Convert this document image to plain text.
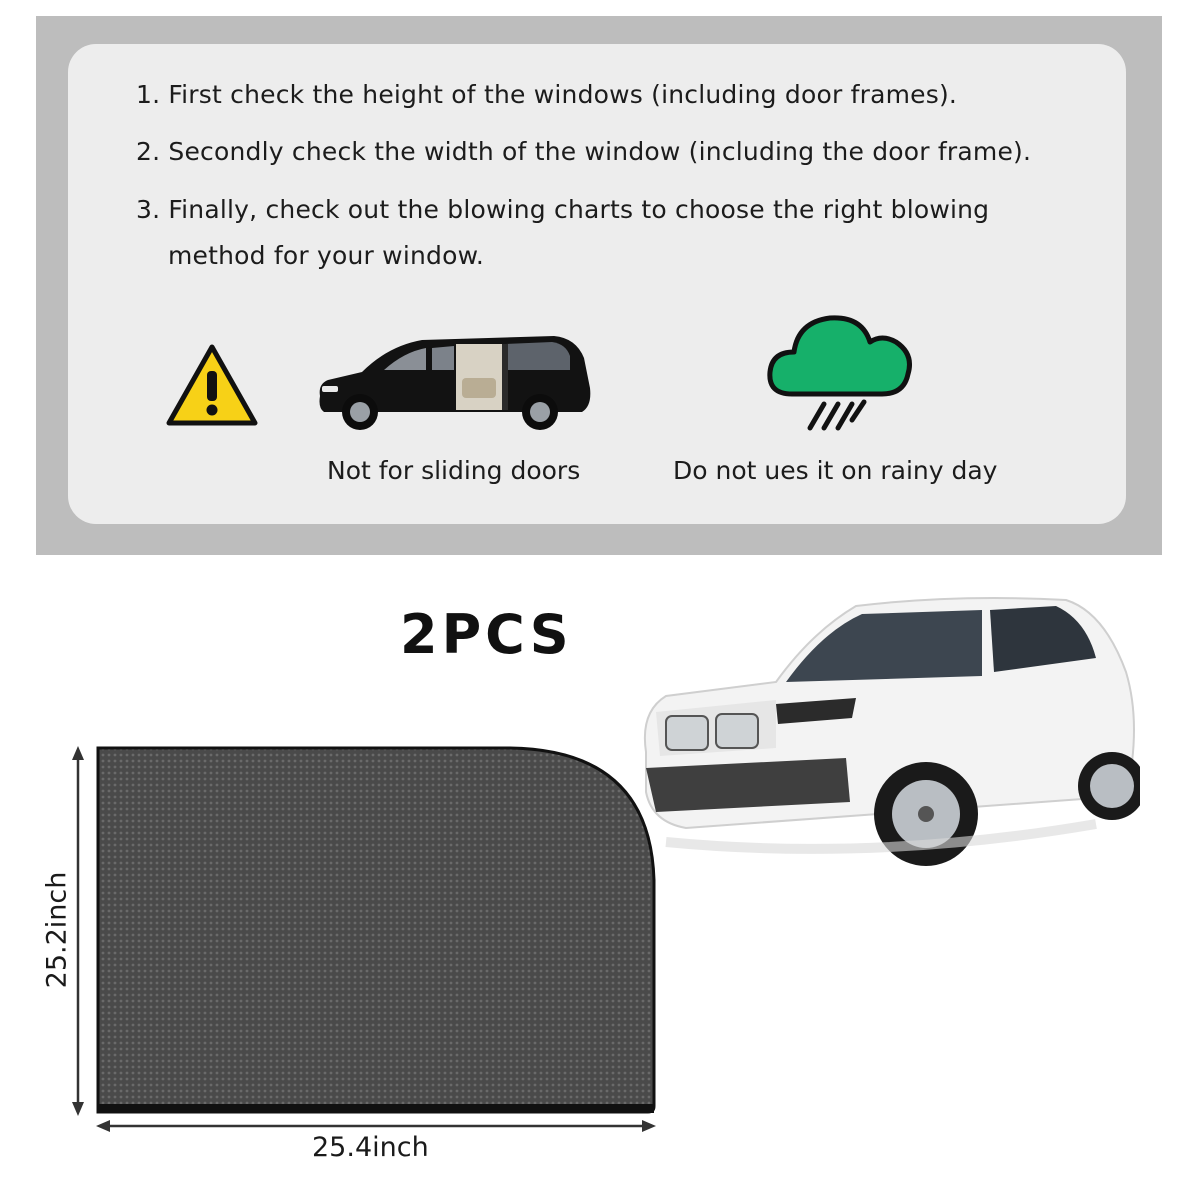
1. First check the height of the windows (including door frames).
2. Secondly check the width of the window (including the door frame).
3. Finally, check out the blowing charts to choose the right blowing
method for your window.
Not for sliding doors	Do not ues it on rainy day
2PCS
25.2inch
25.4inch
